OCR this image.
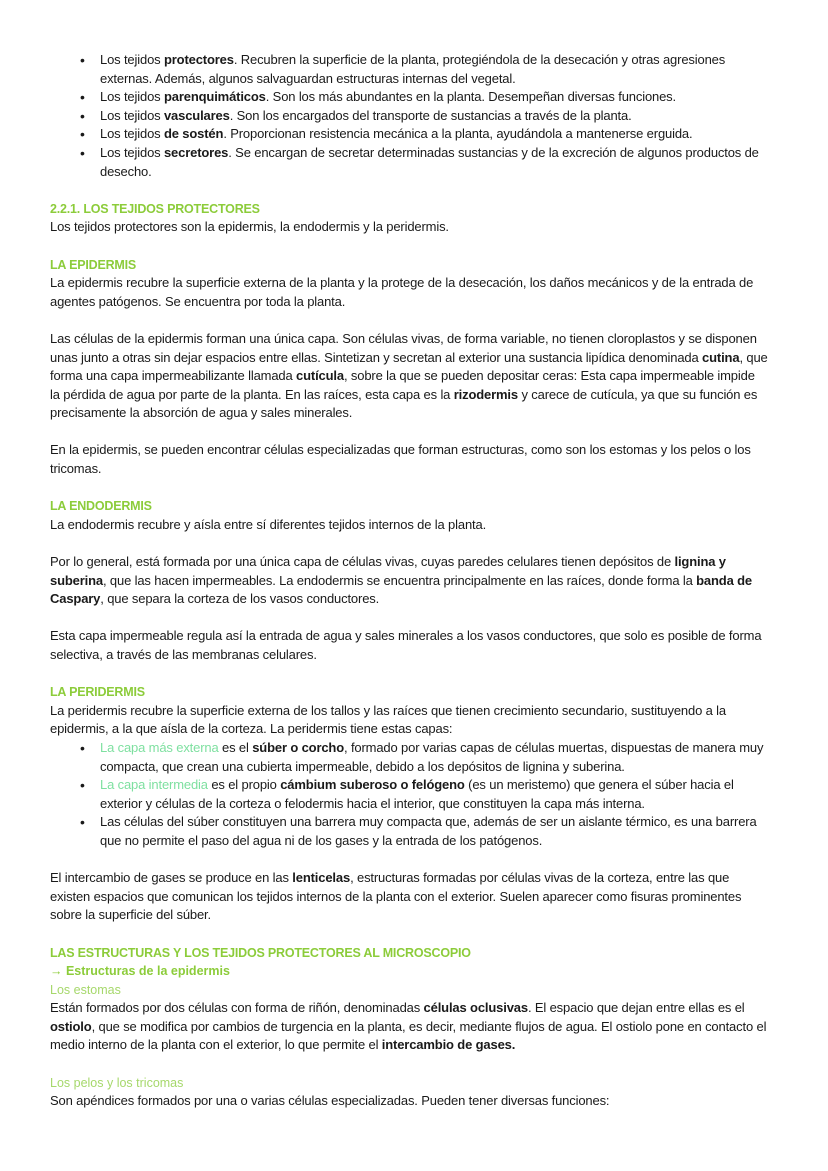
• Los tejidos protectores. Recubren la superficie de la planta, protegiéndola de la desecación y otras agresiones externas. Además, algunos salvaguardan estructuras internas del vegetal.
• Los tejidos parenquimáticos. Son los más abundantes en la planta. Desempeñan diversas funciones.
• Los tejidos vasculares. Son los encargados del transporte de sustancias a través de la planta.
• Los tejidos de sostén. Proporcionan resistencia mecánica a la planta, ayudándola a mantenerse erguida.
• Los tejidos secretores. Se encargan de secretar determinadas sustancias y de la excreción de algunos productos de desecho.
2.2.1. LOS TEJIDOS PROTECTORES

Los tejidos protectores son la epidermis, la endodermis y la peridermis.

LA EPIDERMIS

La epidermis recubre la superficie externa de la planta y la protege de la desecación, los daños mecánicos y de la entrada de agentes patógenos. Se encuentra por toda la planta.

Las células de la epidermis forman una única capa. Son células vivas, de forma variable, no tienen cloroplastos y se disponen unas junto a otras sin dejar espacios entre ellas. Sintetizan y secretan al exterior una sustancia lipídica denominada cutina, que forma una capa impermeabilizante llamada cutícula, sobre la que se pueden depositar ceras: Esta capa impermeable impide la pérdida de agua por parte de la planta. En las raíces, esta capa es la rizodermis y carece de cutícula, ya que su función es precisamente la absorción de agua y sales minerales.

En la epidermis, se pueden encontrar células especializadas que forman estructuras, como son los estomas y los pelos o los tricomas.

LA ENDODERMIS

La endodermis recubre y aísla entre sí diferentes tejidos internos de la planta.

Por lo general, está formada por una única capa de células vivas, cuyas paredes celulares tienen depósitos de lignina y suberina, que las hacen impermeables. La endodermis se encuentra principalmente en las raíces, donde forma la banda de Caspary, que separa la corteza de los vasos conductores.

Esta capa impermeable regula así la entrada de agua y sales minerales a los vasos conductores, que solo es posible de forma selectiva, a través de las membranas celulares.

LA PERIDERMIS

La peridermis recubre la superficie externa de los tallos y las raíces que tienen crecimiento secundario, sustituyendo a la epidermis, a la que aísla de la corteza. La peridermis tiene estas capas:

• La capa más externa es el súber o corcho, formado por varias capas de células muertas, dispuestas de manera muy compacta, que crean una cubierta impermeable, debido a los depósitos de lignina y suberina.
• La capa intermedia es el propio cámbium suberoso o felógeno (es un meristemo) que genera el súber hacia el exterior y células de la corteza o felodermis hacia el interior, que constituyen la capa más interna.
• Las células del súber constituyen una barrera muy compacta que, además de ser un aislante térmico, es una barrera que no permite el paso del agua ni de los gases y la entrada de los patógenos.

El intercambio de gases se produce en las lenticelas, estructuras formadas por células vivas de la corteza, entre las que existen espacios que comunican los tejidos internos de la planta con el exterior. Suelen aparecer como fisuras prominentes sobre la superficie del súber.

LAS ESTRUCTURAS Y LOS TEJIDOS PROTECTORES AL MICROSCOPIO

→ Estructuras de la epidermis

Los estomas

Están formados por dos células con forma de riñón, denominadas células oclusivas. El espacio que dejan entre ellas es el ostiolo, que se modifica por cambios de turgencia en la planta, es decir, mediante flujos de agua. El ostiolo pone en contacto el medio interno de la planta con el exterior, lo que permite el intercambio de gases.

Los pelos y los tricomas

Son apéndices formados por una o varias células especializadas. Pueden tener diversas funciones:
